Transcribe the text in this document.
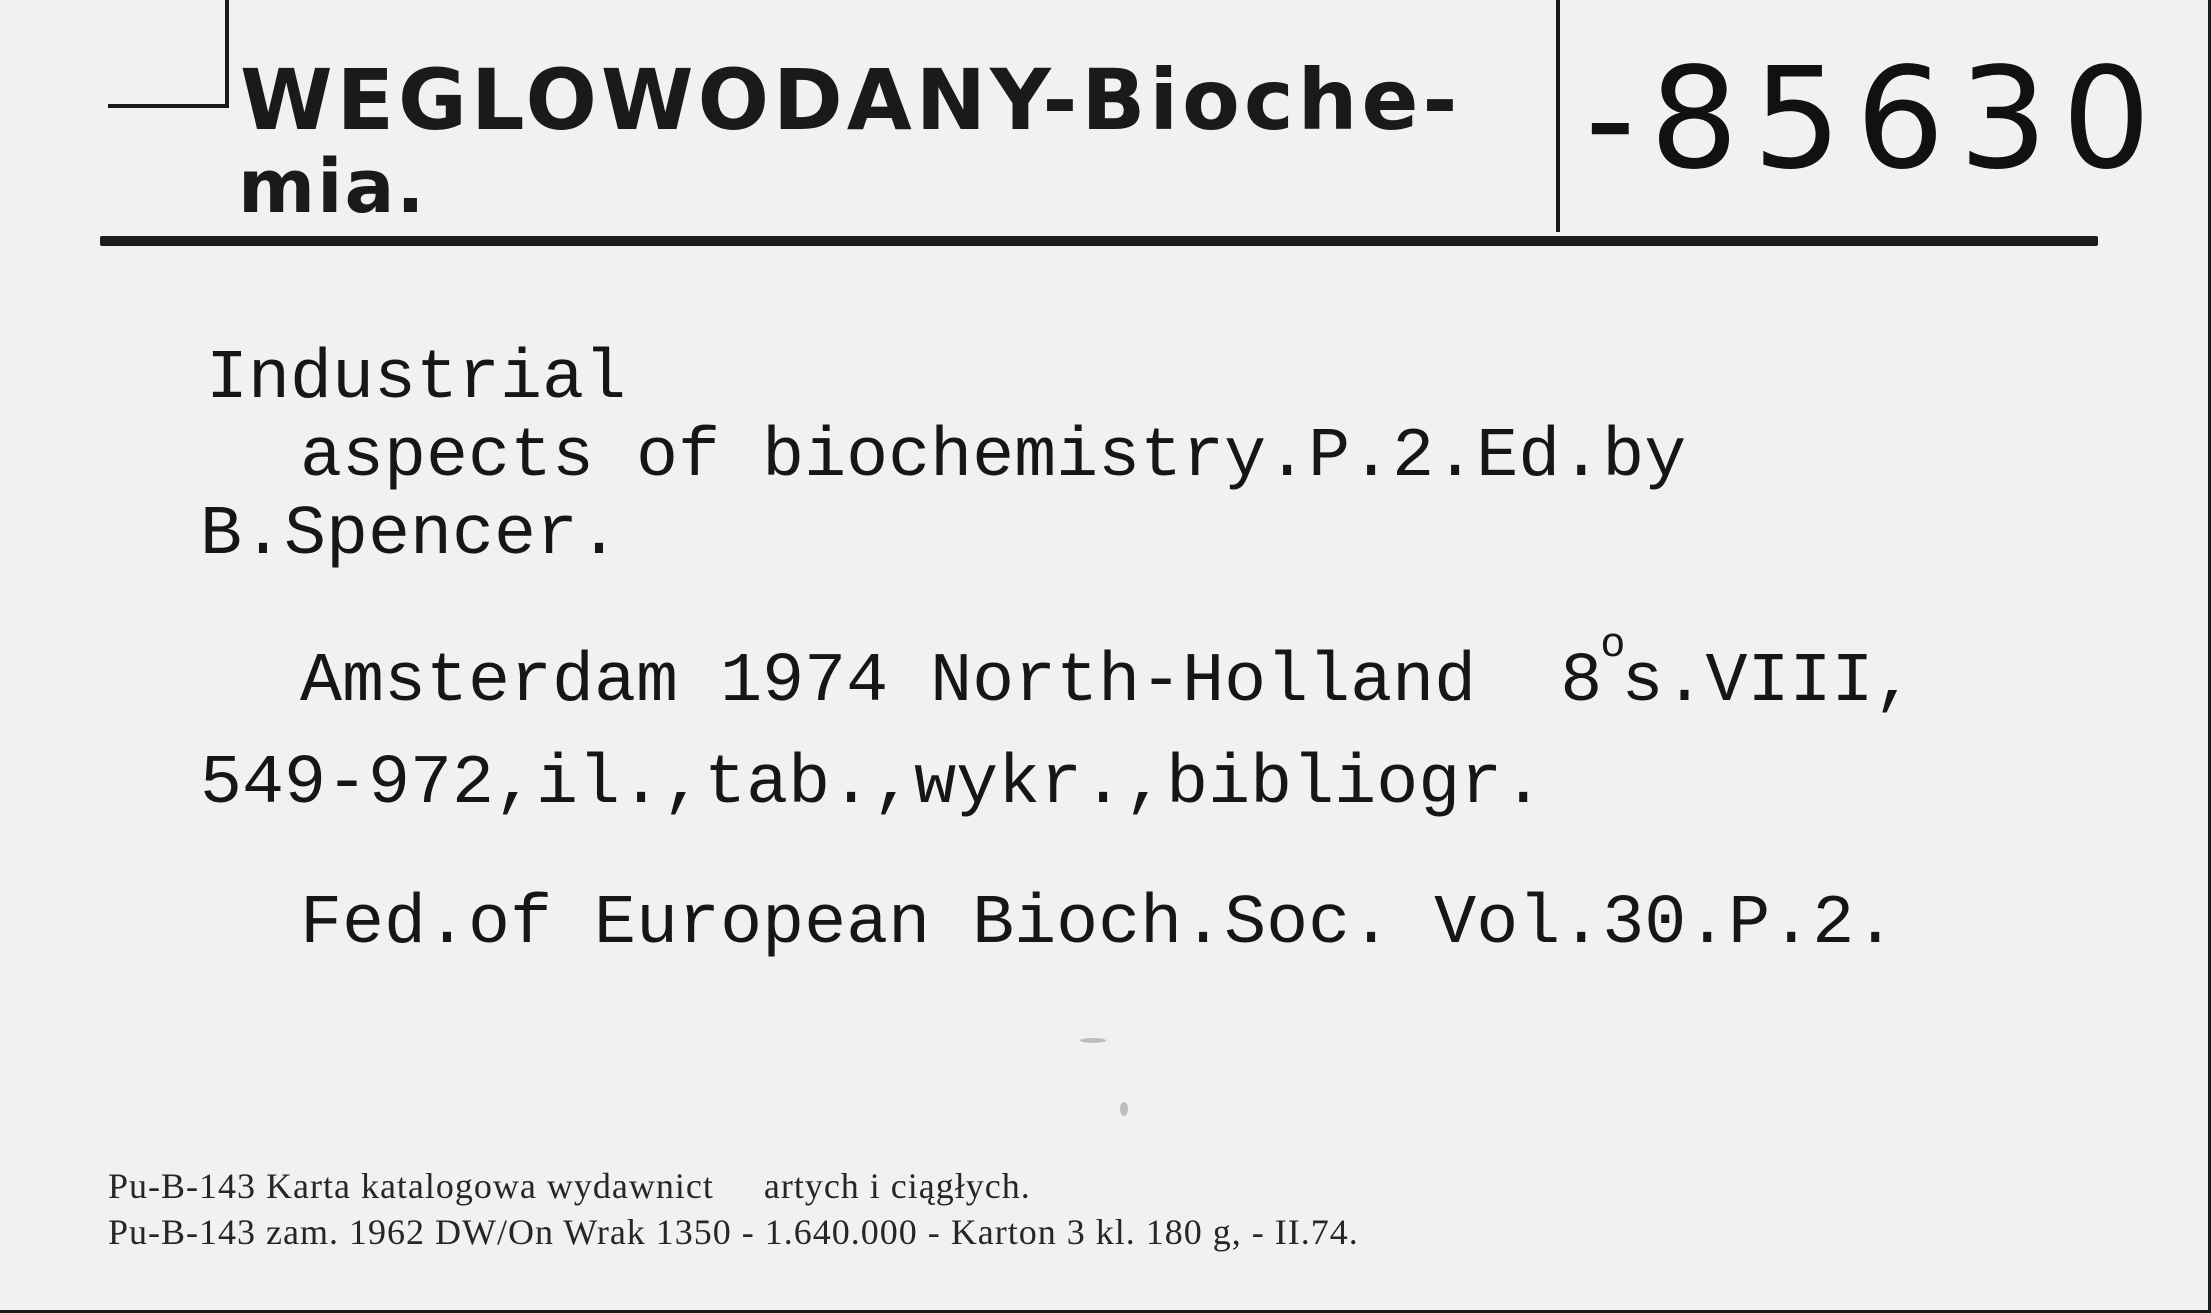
WEGLOWODANY-Bioche-
mia.	-85630
Industrial
aspects of biochemistry.P.2.Ed.by
B.Spencer.
Amsterdam 1974 North-Holland  8$^o$s.VIII,
549-972,il.,tab.,wykr.,bibliogr.
Fed.of European Bioch.Soc. Vol.30.P.2.
Pu-B-143 Karta katalogowa wydawnict     artych i ciągłych.
Pu-B-143 zam. 1962 DW/On Wrak 1350 - 1.640.000 - Karton 3 kl. 180 g, - II.74.
